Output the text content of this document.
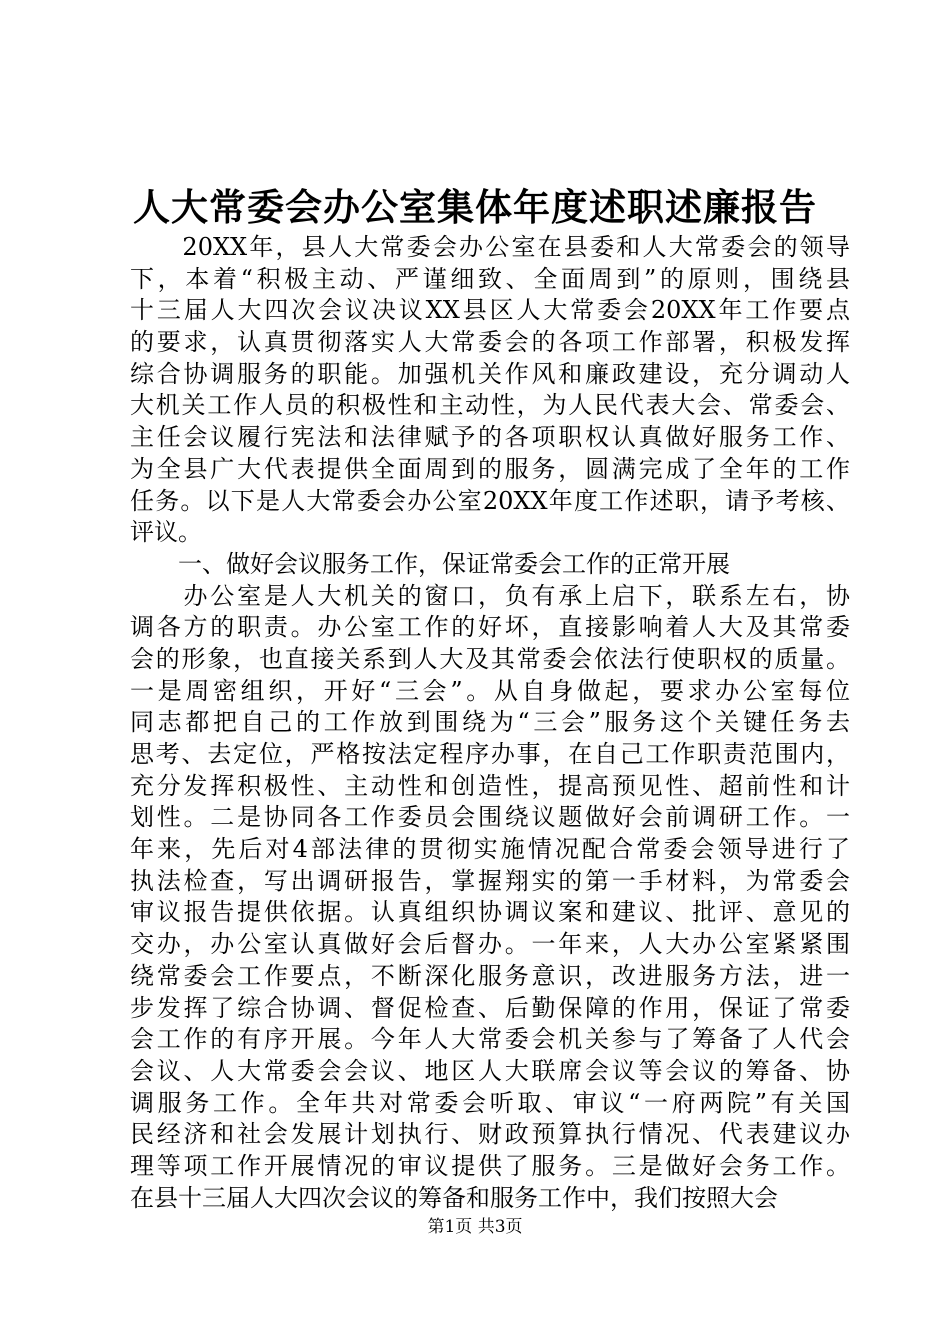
人大常委会办公室集体年度述职述廉报告
　　20XX年，县人大常委会办公室在县委和人大常委会的领导
下，本着“积极主动、严谨细致、全面周到”的原则，围绕县
十三届人大四次会议决议XX县区人大常委会20XX年工作要点
的要求，认真贯彻落实人大常委会的各项工作部署，积极发挥
综合协调服务的职能。加强机关作风和廉政建设，充分调动人
大机关工作人员的积极性和主动性，为人民代表大会、常委会、
主任会议履行宪法和法律赋予的各项职权认真做好服务工作、
为全县广大代表提供全面周到的服务，圆满完成了全年的工作
任务。以下是人大常委会办公室20XX年度工作述职，请予考核、
评议。
　　一、做好会议服务工作，保证常委会工作的正常开展
　　办公室是人大机关的窗口，负有承上启下，联系左右，协
调各方的职责。办公室工作的好坏，直接影响着人大及其常委
会的形象，也直接关系到人大及其常委会依法行使职权的质量。
一是周密组织，开好“三会”。从自身做起，要求办公室每位
同志都把自己的工作放到围绕为“三会”服务这个关键任务去
思考、去定位，严格按法定程序办事，在自己工作职责范围内，
充分发挥积极性、主动性和创造性，提高预见性、超前性和计
划性。二是协同各工作委员会围绕议题做好会前调研工作。一
年来，先后对4部法律的贯彻实施情况配合常委会领导进行了
执法检查，写出调研报告，掌握翔实的第一手材料，为常委会
审议报告提供依据。认真组织协调议案和建议、批评、意见的
交办，办公室认真做好会后督办。一年来，人大办公室紧紧围
绕常委会工作要点，不断深化服务意识，改进服务方法，进一
步发挥了综合协调、督促检查、后勤保障的作用，保证了常委
会工作的有序开展。今年人大常委会机关参与了筹备了人代会
会议、人大常委会会议、地区人大联席会议等会议的筹备、协
调服务工作。全年共对常委会听取、审议“一府两院”有关国
民经济和社会发展计划执行、财政预算执行情况、代表建议办
理等项工作开展情况的审议提供了服务。三是做好会务工作。
在县十三届人大四次会议的筹备和服务工作中，我们按照大会
第1页 共3页
